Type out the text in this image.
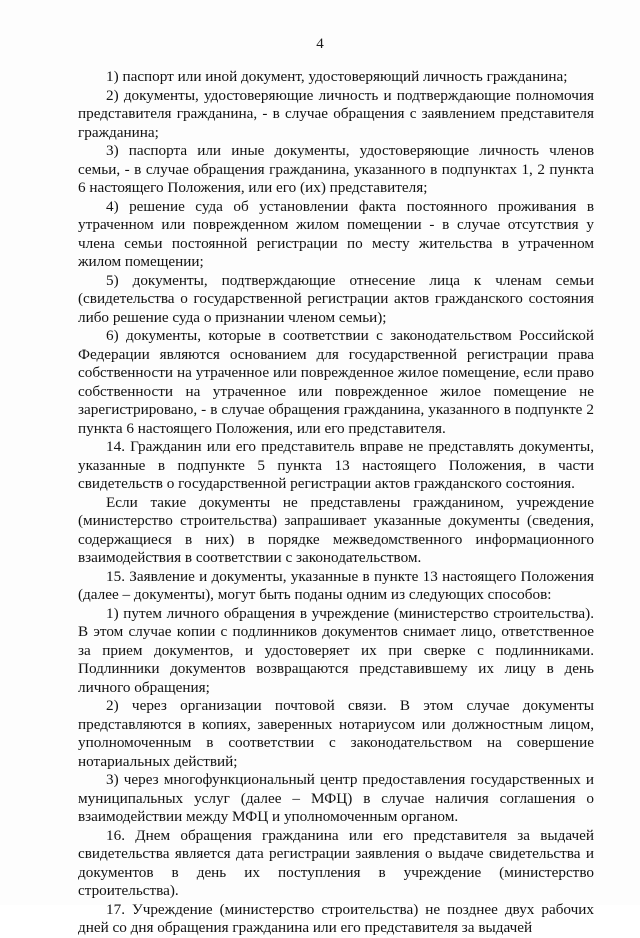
4

1) паспорт или иной документ, удостоверяющий личность гражданина;

2) документы, удостоверяющие личность и подтверждающие полномочия представителя гражданина, - в случае обращения с заявлением представителя гражданина;

3) паспорта или иные документы, удостоверяющие личность членов семьи, - в случае обращения гражданина, указанного в подпунктах 1, 2 пункта 6 настоящего Положения, или его (их) представителя;

4) решение суда об установлении факта постоянного проживания в утраченном или поврежденном жилом помещении - в случае отсутствия у члена семьи постоянной регистрации по месту жительства в утраченном жилом помещении;

5) документы, подтверждающие отнесение лица к членам семьи (свидетельства о государственной регистрации актов гражданского состояния либо решение суда о признании членом семьи);

6) документы, которые в соответствии с законодательством Российской Федерации являются основанием для государственной регистрации права собственности на утраченное или поврежденное жилое помещение, если право собственности на утраченное или поврежденное жилое помещение не зарегистрировано, - в случае обращения гражданина, указанного в подпункте 2 пункта 6 настоящего Положения, или его представителя.

14. Гражданин или его представитель вправе не представлять документы, указанные в подпункте 5 пункта 13 настоящего Положения, в части свидетельств о государственной регистрации актов гражданского состояния.

Если такие документы не представлены гражданином, учреждение (министерство строительства) запрашивает указанные документы (сведения, содержащиеся в них) в порядке межведомственного информационного взаимодействия в соответствии с законодательством.

15. Заявление и документы, указанные в пункте 13 настоящего Положения (далее – документы), могут быть поданы одним из следующих способов:

1) путем личного обращения в учреждение (министерство строительства). В этом случае копии с подлинников документов снимает лицо, ответственное за прием документов, и удостоверяет их при сверке с подлинниками. Подлинники документов возвращаются представившему их лицу в день личного обращения;

2) через организации почтовой связи. В этом случае документы представляются в копиях, заверенных нотариусом или должностным лицом, уполномоченным в соответствии с законодательством на совершение нотариальных действий;

3) через многофункциональный центр предоставления государственных и муниципальных услуг (далее – МФЦ) в случае наличия соглашения о взаимодействии между МФЦ и уполномоченным органом.

16. Днем обращения гражданина или его представителя за выдачей свидетельства является дата регистрации заявления о выдаче свидетельства и документов в день их поступления в учреждение (министерство строительства).

17. Учреждение (министерство строительства) не позднее двух рабочих дней со дня обращения гражданина или его представителя за выдачей
